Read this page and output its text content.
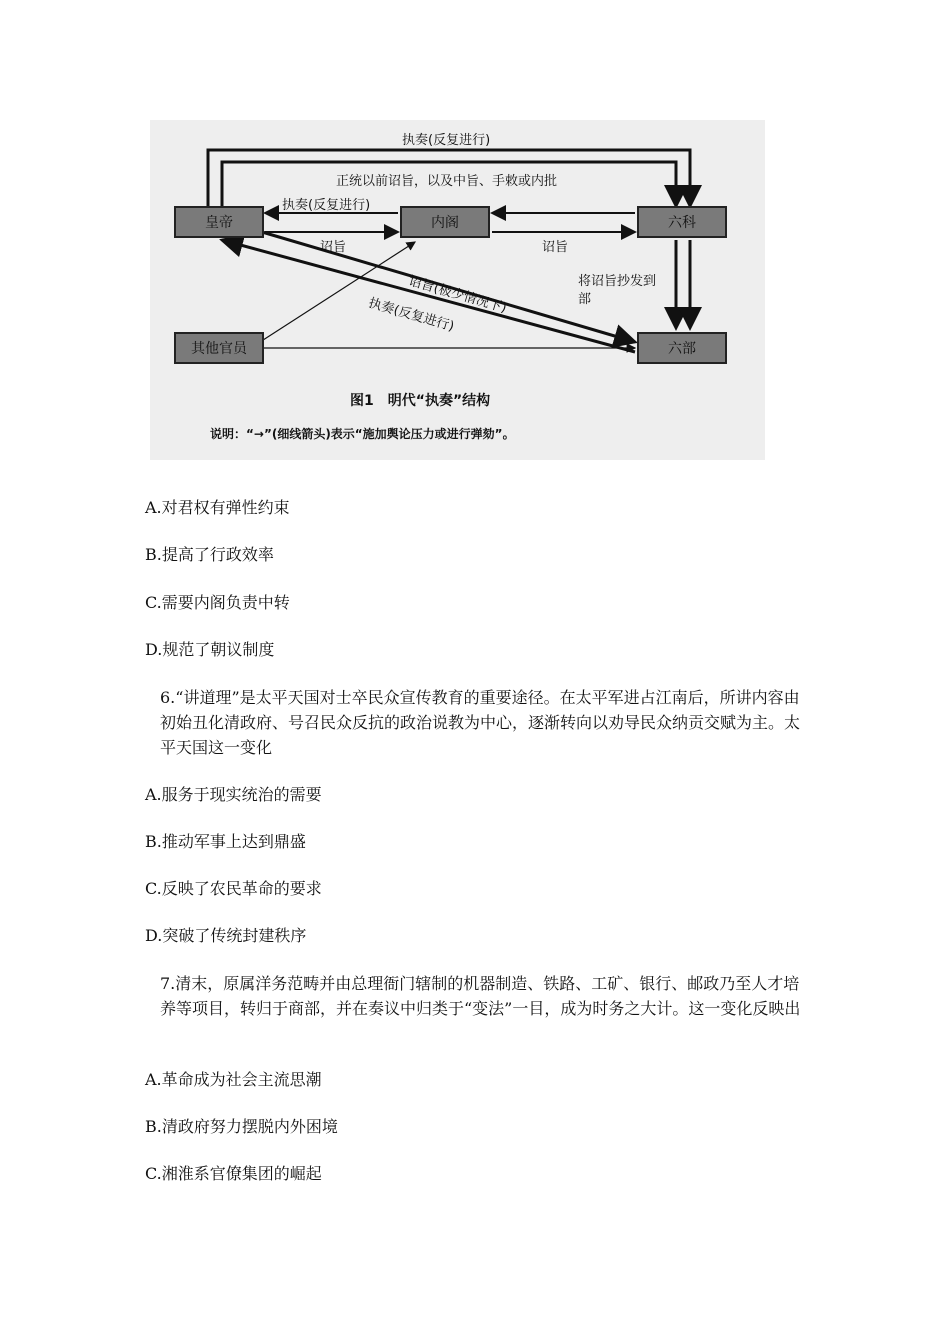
皇帝	内阁	六科
其他官员	六部
执奏(反复进行)
正统以前诏旨，以及中旨、手敕或内批
执奏(反复进行)
诏旨	诏旨
将诏旨抄发到
部
诏旨(极少情况下)
执奏(反复进行)
图1　明代“执奏”结构
说明：“→”(细线箭头)表示“施加舆论压力或进行弹劾”。
A.对君权有弹性约束
B.提高了行政效率
C.需要内阁负责中转
D.规范了朝议制度
6.“讲道理”是太平天国对士卒民众宣传教育的重要途径。在太平军进占江南后，所讲内容由初始丑化清政府、号召民众反抗的政治说教为中心，逐渐转向以劝导民众纳贡交赋为主。太平天国这一变化
A.服务于现实统治的需要
B.推动军事上达到鼎盛
C.反映了农民革命的要求
D.突破了传统封建秩序
7.清末，原属洋务范畴并由总理衙门辖制的机器制造、铁路、工矿、银行、邮政乃至人才培养等项目，转归于商部，并在奏议中归类于“变法”一目，成为时务之大计。这一变化反映出
A.革命成为社会主流思潮
B.清政府努力摆脱内外困境
C.湘淮系官僚集团的崛起
